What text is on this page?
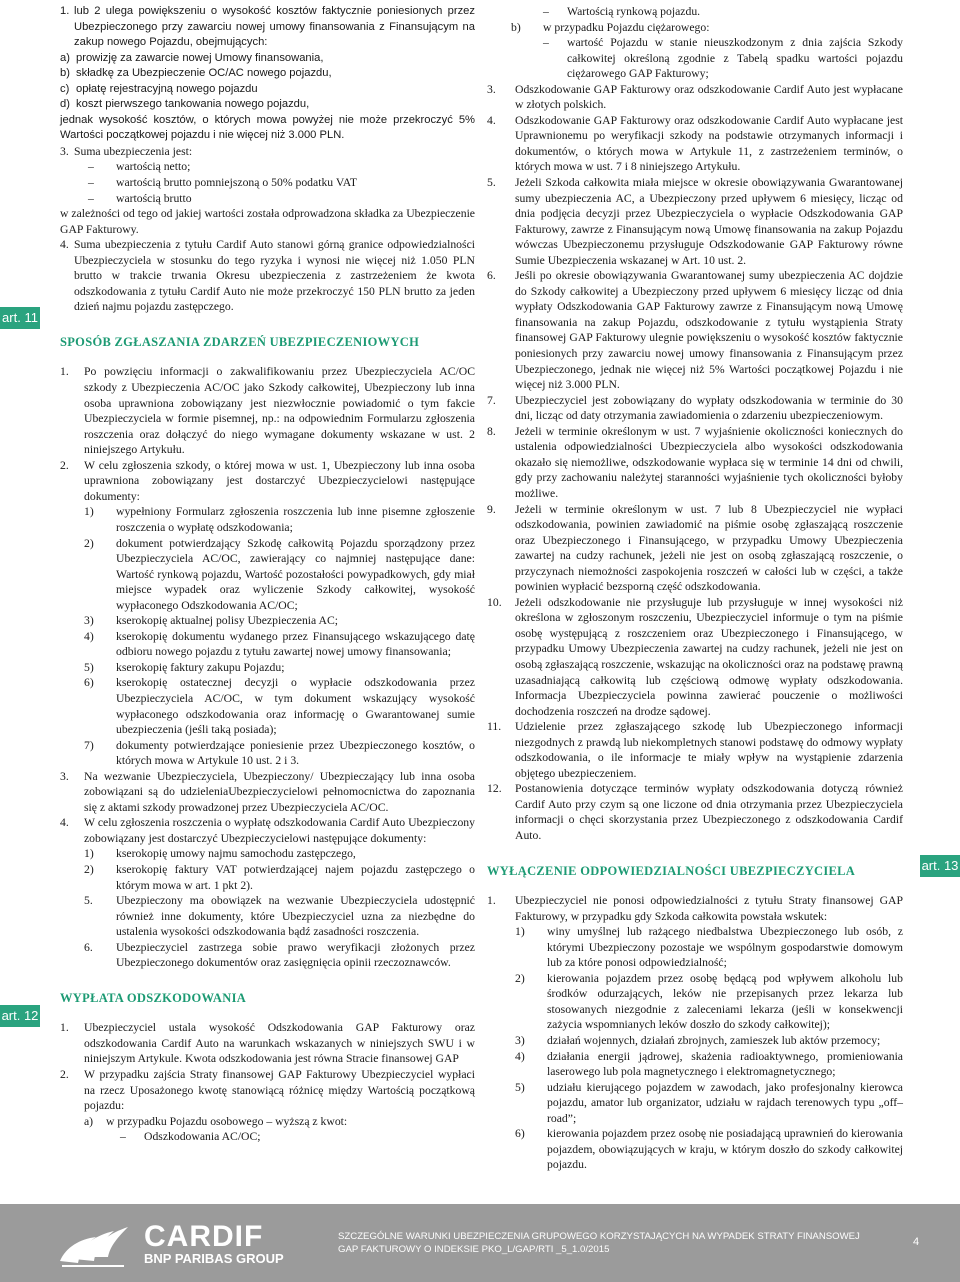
1. lub 2 ulega powiększeniu o wysokość kosztów faktycznie poniesionych przez Ubezpieczonego przy zawarciu nowej umowy finansowania z Finansującym na zakup nowego Pojazdu, obejmujących:
a) prowizję za zawarcie nowej Umowy finansowania,
b) składkę za Ubezpieczenie OC/AC nowego pojazdu,
c) opłatę rejestracyjną nowego pojazdu
d) koszt pierwszego tankowania nowego pojazdu,
jednak wysokość kosztów, o których mowa powyżej nie może przekroczyć 5% Wartości początkowej pojazdu i nie więcej niż 3.000 PLN.
3. Suma ubezpieczenia jest:
–	wartością netto;
–	wartością brutto pomniejszoną o 50% podatku VAT
–	wartością brutto
w zależności od tego od jakiej wartości została odprowadzona składka za Ubezpieczenie GAP Fakturowy.
4. Suma ubezpieczenia z tytułu Cardif Auto stanowi górną granice odpowiedzialności Ubezpieczyciela w stosunku do tego ryzyka i wynosi nie więcej niż 1.050 PLN brutto w trakcie trwania Okresu ubezpieczenia z zastrzeżeniem że kwota odszkodowania z tytułu Cardif Auto nie może przekroczyć 150 PLN brutto za jeden dzień najmu pojazdu zastępczego.
SPOSÓB ZGŁASZANIA ZDARZEŃ UBEZPIECZENIOWYCH
1.	Po powzięciu informacji o zakwalifikowaniu przez Ubezpieczyciela AC/OC szkody z Ubezpieczenia AC/OC jako Szkody całkowitej, Ubezpieczony lub inna osoba uprawniona zobowiązany jest niezwłocznie powiadomić o tym fakcie Ubezpieczyciela w formie pisemnej, np.: na odpowiednim Formularzu zgłoszenia roszczenia oraz dołączyć do niego wymagane dokumenty wskazane w ust. 2 niniejszego Artykułu.
2.	W celu zgłoszenia szkody, o której mowa w ust. 1, Ubezpieczony lub inna osoba uprawniona zobowiązany jest dostarczyć Ubezpieczycielowi następujące dokumenty:
1)	wypełniony Formularz zgłoszenia roszczenia lub inne pisemne zgłoszenie roszczenia o wypłatę odszkodowania;
2)	dokument potwierdzający Szkodę całkowitą Pojazdu sporządzony przez Ubezpieczyciela AC/OC, zawierający co najmniej następujące dane: Wartość rynkową pojazdu, Wartość pozostałości powypadkowych, gdy miał miejsce wypadek oraz wyliczenie Szkody całkowitej, wysokość wypłaconego Odszkodowania AC/OC;
3)	kserokopię aktualnej polisy Ubezpieczenia AC;
4)	kserokopię dokumentu wydanego przez Finansującego wskazującego datę odbioru nowego pojazdu z tytułu zawartej nowej umowy finansowania;
5)	kserokopię faktury zakupu Pojazdu;
6)	kserokopię ostatecznej decyzji o wypłacie odszkodowania przez Ubezpieczyciela AC/OC, w tym dokument wskazujący wysokość wypłaconego odszkodowania oraz informację o Gwarantowanej sumie ubezpieczenia (jeśli taką posiada);
7)	dokumenty potwierdzające poniesienie przez Ubezpieczonego kosztów, o których mowa w Artykule 10 ust. 2 i 3.
3.	Na wezwanie Ubezpieczyciela, Ubezpieczony/ Ubezpieczający lub inna osoba zobowiązani są do udzieleniaUbezpieczycielowi pełnomocnictwa do zapoznania się z aktami szkody prowadzonej przez Ubezpieczyciela AC/OC.
4.	W celu zgłoszenia roszczenia o wypłatę odszkodowania Cardif Auto Ubezpieczony zobowiązany jest dostarczyć Ubezpieczycielowi następujące dokumenty:
1)	kserokopię umowy najmu samochodu zastępczego,
2)	kserokopię faktury VAT potwierdzającej najem pojazdu zastępczego o którym mowa w art. 1 pkt 2).
5.	Ubezpieczony ma obowiązek na wezwanie Ubezpieczyciela udostępnić również inne dokumenty, które Ubezpieczyciel uzna za niezbędne do ustalenia wysokości odszkodowania bądź zasadności roszczenia.
6.	Ubezpieczyciel zastrzega sobie prawo weryfikacji złożonych przez Ubezpieczonego dokumentów oraz zasięgnięcia opinii rzeczoznawców.
WYPŁATA ODSZKODOWANIA
1.	Ubezpieczyciel ustala wysokość Odszkodowania GAP Fakturowy oraz odszkodowania Cardif Auto na warunkach wskazanych w niniejszych SWU i w niniejszym Artykule. Kwota odszkodowania jest równa Stracie finansowej GAP
2.	W przypadku zajścia Straty finansowej GAP Fakturowy Ubezpieczyciel wypłaci na rzecz Uposażonego kwotę stanowiącą różnicę między Wartością początkową pojazdu:
a)	w przypadku Pojazdu osobowego – wyższą z kwot:
–	Odszkodowania AC/OC;
–	Wartością rynkową pojazdu.
b)	w przypadku Pojazdu ciężarowego:
–	wartość Pojazdu w stanie nieuszkodzonym z dnia zajścia Szkody całkowitej określoną zgodnie z Tabelą spadku wartości pojazdu ciężarowego GAP Fakturowy;
3.	Odszkodowanie GAP Fakturowy oraz odszkodowanie Cardif Auto jest wypłacane w złotych polskich.
4.	Odszkodowanie GAP Fakturowy oraz odszkodowanie Cardif Auto wypłacane jest Uprawnionemu po weryfikacji szkody na podstawie otrzymanych informacji i dokumentów, o których mowa w Artykule 11, z zastrzeżeniem terminów, o których mowa w ust. 7 i 8 niniejszego Artykułu.
5.	Jeżeli Szkoda całkowita miała miejsce w okresie obowiązywania Gwarantowanej sumy ubezpieczenia AC, a Ubezpieczony przed upływem 6 miesięcy, licząc od dnia podjęcia decyzji przez Ubezpieczyciela o wypłacie Odszkodowania GAP Fakturowy, zawrze z Finansującym nową Umowę finansowania na zakup Pojazdu wówczas Ubezpieczonemu przysługuje Odszkodowanie GAP Fakturowy równe Sumie Ubezpieczenia wskazanej w Art. 10 ust. 2.
6.	Jeśli po okresie obowiązywania Gwarantowanej sumy ubezpieczenia AC dojdzie do Szkody całkowitej a Ubezpieczony przed upływem 6 miesięcy licząc od dnia wypłaty Odszkodowania GAP Fakturowy zawrze z Finansującym nową Umowę finansowania na zakup Pojazdu, odszkodowanie z tytułu wystąpienia Straty finansowej GAP Fakturowy ulegnie powiększeniu o wysokość kosztów faktycznie poniesionych przy zawarciu nowej umowy finansowania z Finansującym przez Ubezpieczonego, jednak nie więcej niż 5% Wartości początkowej Pojazdu i nie więcej niż 3.000 PLN.
7.	Ubezpieczyciel jest zobowiązany do wypłaty odszkodowania w terminie do 30 dni, licząc od daty otrzymania zawiadomienia o zdarzeniu ubezpieczeniowym.
8.	Jeżeli w terminie określonym w ust. 7 wyjaśnienie okoliczności koniecznych do ustalenia odpowiedzialności Ubezpieczyciela albo wysokości odszkodowania okazało się niemożliwe, odszkodowanie wypłaca się w terminie 14 dni od chwili, gdy przy zachowaniu należytej staranności wyjaśnienie tych okoliczności byłoby możliwe.
9.	Jeżeli w terminie określonym w ust. 7 lub 8 Ubezpieczyciel nie wypłaci odszkodowania, powinien zawiadomić na piśmie osobę zgłaszającą roszczenie oraz Ubezpieczonego i Finansującego, w przypadku Umowy Ubezpieczenia zawartej na cudzy rachunek, jeżeli nie jest on osobą zgłaszającą roszczenie, o przyczynach niemożności zaspokojenia roszczeń w całości lub w części, a także powinien wypłacić bezsporną część odszkodowania.
10.	Jeżeli odszkodowanie nie przysługuje lub przysługuje w innej wysokości niż określona w zgłoszonym roszczeniu, Ubezpieczyciel informuje o tym na piśmie osobę występującą z roszczeniem oraz Ubezpieczonego i Finansującego, w przypadku Umowy Ubezpieczenia zawartej na cudzy rachunek, jeżeli nie jest on osobą zgłaszającą roszczenie, wskazując na okoliczności oraz na podstawę prawną uzasadniającą całkowitą lub częściową odmowę wypłaty odszkodowania. Informacja Ubezpieczyciela powinna zawierać pouczenie o możliwości dochodzenia roszczeń na drodze sądowej.
11.	Udzielenie przez zgłaszającego szkodę lub Ubezpieczonego informacji niezgodnych z prawdą lub niekompletnych stanowi podstawę do odmowy wypłaty odszkodowania, o ile informacje te miały wpływ na wystąpienie zdarzenia objętego ubezpieczeniem.
12.	Postanowienia dotyczące terminów wypłaty odszkodowania dotyczą również Cardif Auto przy czym są one liczone od dnia otrzymania przez Ubezpieczyciela informacji o chęci skorzystania przez Ubezpieczonego z odszkodowania Cardif Auto.
WYŁĄCZENIE ODPOWIEDZIALNOŚCI UBEZPIECZYCIELA
1.	Ubezpieczyciel nie ponosi odpowiedzialności z tytułu Straty finansowej GAP Fakturowy, w przypadku gdy Szkoda całkowita powstała wskutek:
1)	winy umyślnej lub rażącego niedbalstwa Ubezpieczonego lub osób, z którymi Ubezpieczony pozostaje we wspólnym gospodarstwie domowym lub za które ponosi odpowiedzialność;
2)	kierowania pojazdem przez osobę będącą pod wpływem alkoholu lub środków odurzających, leków nie przepisanych przez lekarza lub stosowanych niezgodnie z zaleceniami lekarza (jeśli w konsekwencji zażycia wspomnianych leków doszło do szkody całkowitej);
3)	działań wojennych, działań zbrojnych, zamieszek lub aktów przemocy;
4)	działania energii jądrowej, skażenia radioaktywnego, promieniowania laserowego lub pola magnetycznego i elektromagnetycznego;
5)	udziału kierującego pojazdem w zawodach, jako profesjonalny kierowca pojazdu, amator lub organizator, udziału w rajdach terenowych typu „off–road”;
6)	kierowania pojazdem przez osobę nie posiadającą uprawnień do kierowania pojazdem, obowiązujących w kraju, w którym doszło do szkody całkowitej pojazdu.
art. 11
art. 12
art. 13
CARDIF
BNP PARIBAS GROUP
SZCZEGÓLNE WARUNKI UBEZPIECZENIA GRUPOWEGO KORZYSTAJĄCYCH NA WYPADEK STRATY FINANSOWEJ
GAP FAKTUROWY O INDEKSIE PKO_L/GAP/RTI _5_1.0/2015
4
